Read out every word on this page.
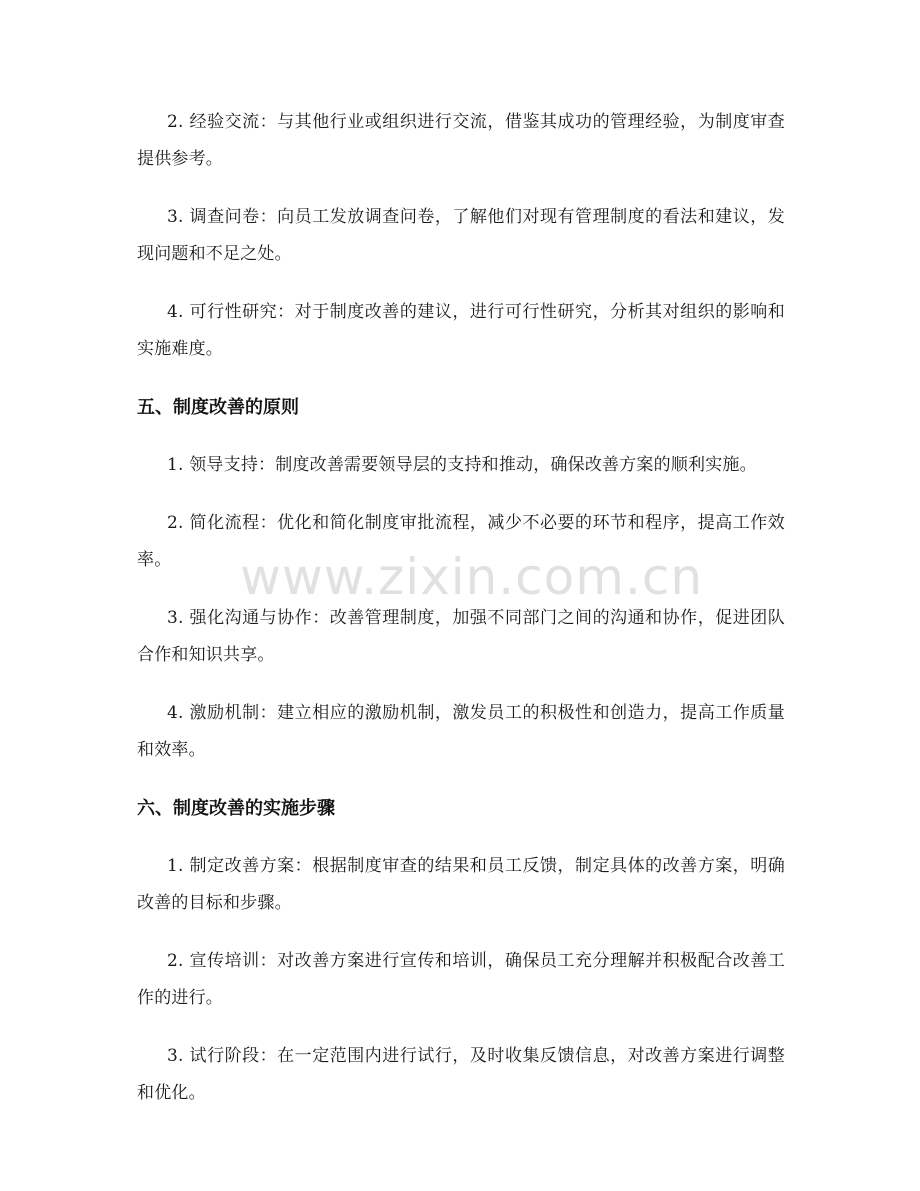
2. 经验交流：与其他行业或组织进行交流，借鉴其成功的管理经验，为制度审查提供参考。

3. 调查问卷：向员工发放调查问卷，了解他们对现有管理制度的看法和建议，发现问题和不足之处。

4. 可行性研究：对于制度改善的建议，进行可行性研究，分析其对组织的影响和实施难度。

五、制度改善的原则

1. 领导支持：制度改善需要领导层的支持和推动，确保改善方案的顺利实施。

2. 简化流程：优化和简化制度审批流程，减少不必要的环节和程序，提高工作效率。

3. 强化沟通与协作：改善管理制度，加强不同部门之间的沟通和协作，促进团队合作和知识共享。

4. 激励机制：建立相应的激励机制，激发员工的积极性和创造力，提高工作质量和效率。

六、制度改善的实施步骤

1. 制定改善方案：根据制度审查的结果和员工反馈，制定具体的改善方案，明确改善的目标和步骤。

2. 宣传培训：对改善方案进行宣传和培训，确保员工充分理解并积极配合改善工作的进行。

3. 试行阶段：在一定范围内进行试行，及时收集反馈信息，对改善方案进行调整和优化。

www.zixin.com.cn
